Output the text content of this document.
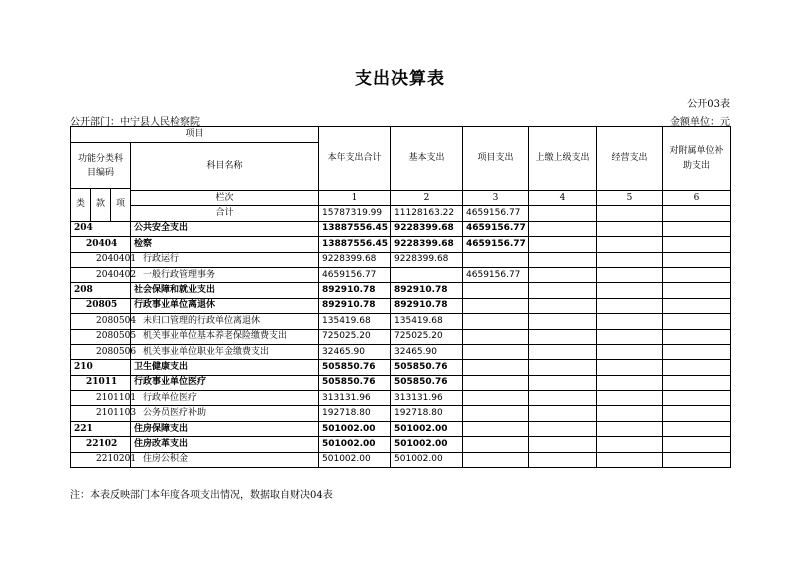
支出决算表
公开03表
公开部门：中宁县人民检察院	金额单位：元
项目				本年支出合计	基本支出	项目支出	上缴上级支出	经营支出	对附属单位补助支出
功能分类科目编码			科目名称						
类	款	项							
			栏次	1	2	3	4	5	6
			合计	15787319.99	11128163.22	4659156.77			
204			公共安全支出	13887556.45	9228399.68	4659156.77			
20404			检察	13887556.45	9228399.68	4659156.77			
2040401			行政运行	9228399.68	9228399.68				
2040402			一般行政管理事务	4659156.77		4659156.77			
208			社会保障和就业支出	892910.78	892910.78				
20805			行政事业单位离退休	892910.78	892910.78				
2080504			未归口管理的行政单位离退休	135419.68	135419.68				
2080505			机关事业单位基本养老保险缴费支出	725025.20	725025.20				
2080506			机关事业单位职业年金缴费支出	32465.90	32465.90				
210			卫生健康支出	505850.76	505850.76				
21011			行政事业单位医疗	505850.76	505850.76				
2101101			行政单位医疗	313131.96	313131.96				
2101103			公务员医疗补助	192718.80	192718.80				
221			住房保障支出	501002.00	501002.00				
22102			住房改革支出	501002.00	501002.00				
2210201			住房公积金	501002.00	501002.00				
注：本表反映部门本年度各项支出情况，数据取自财决04表
